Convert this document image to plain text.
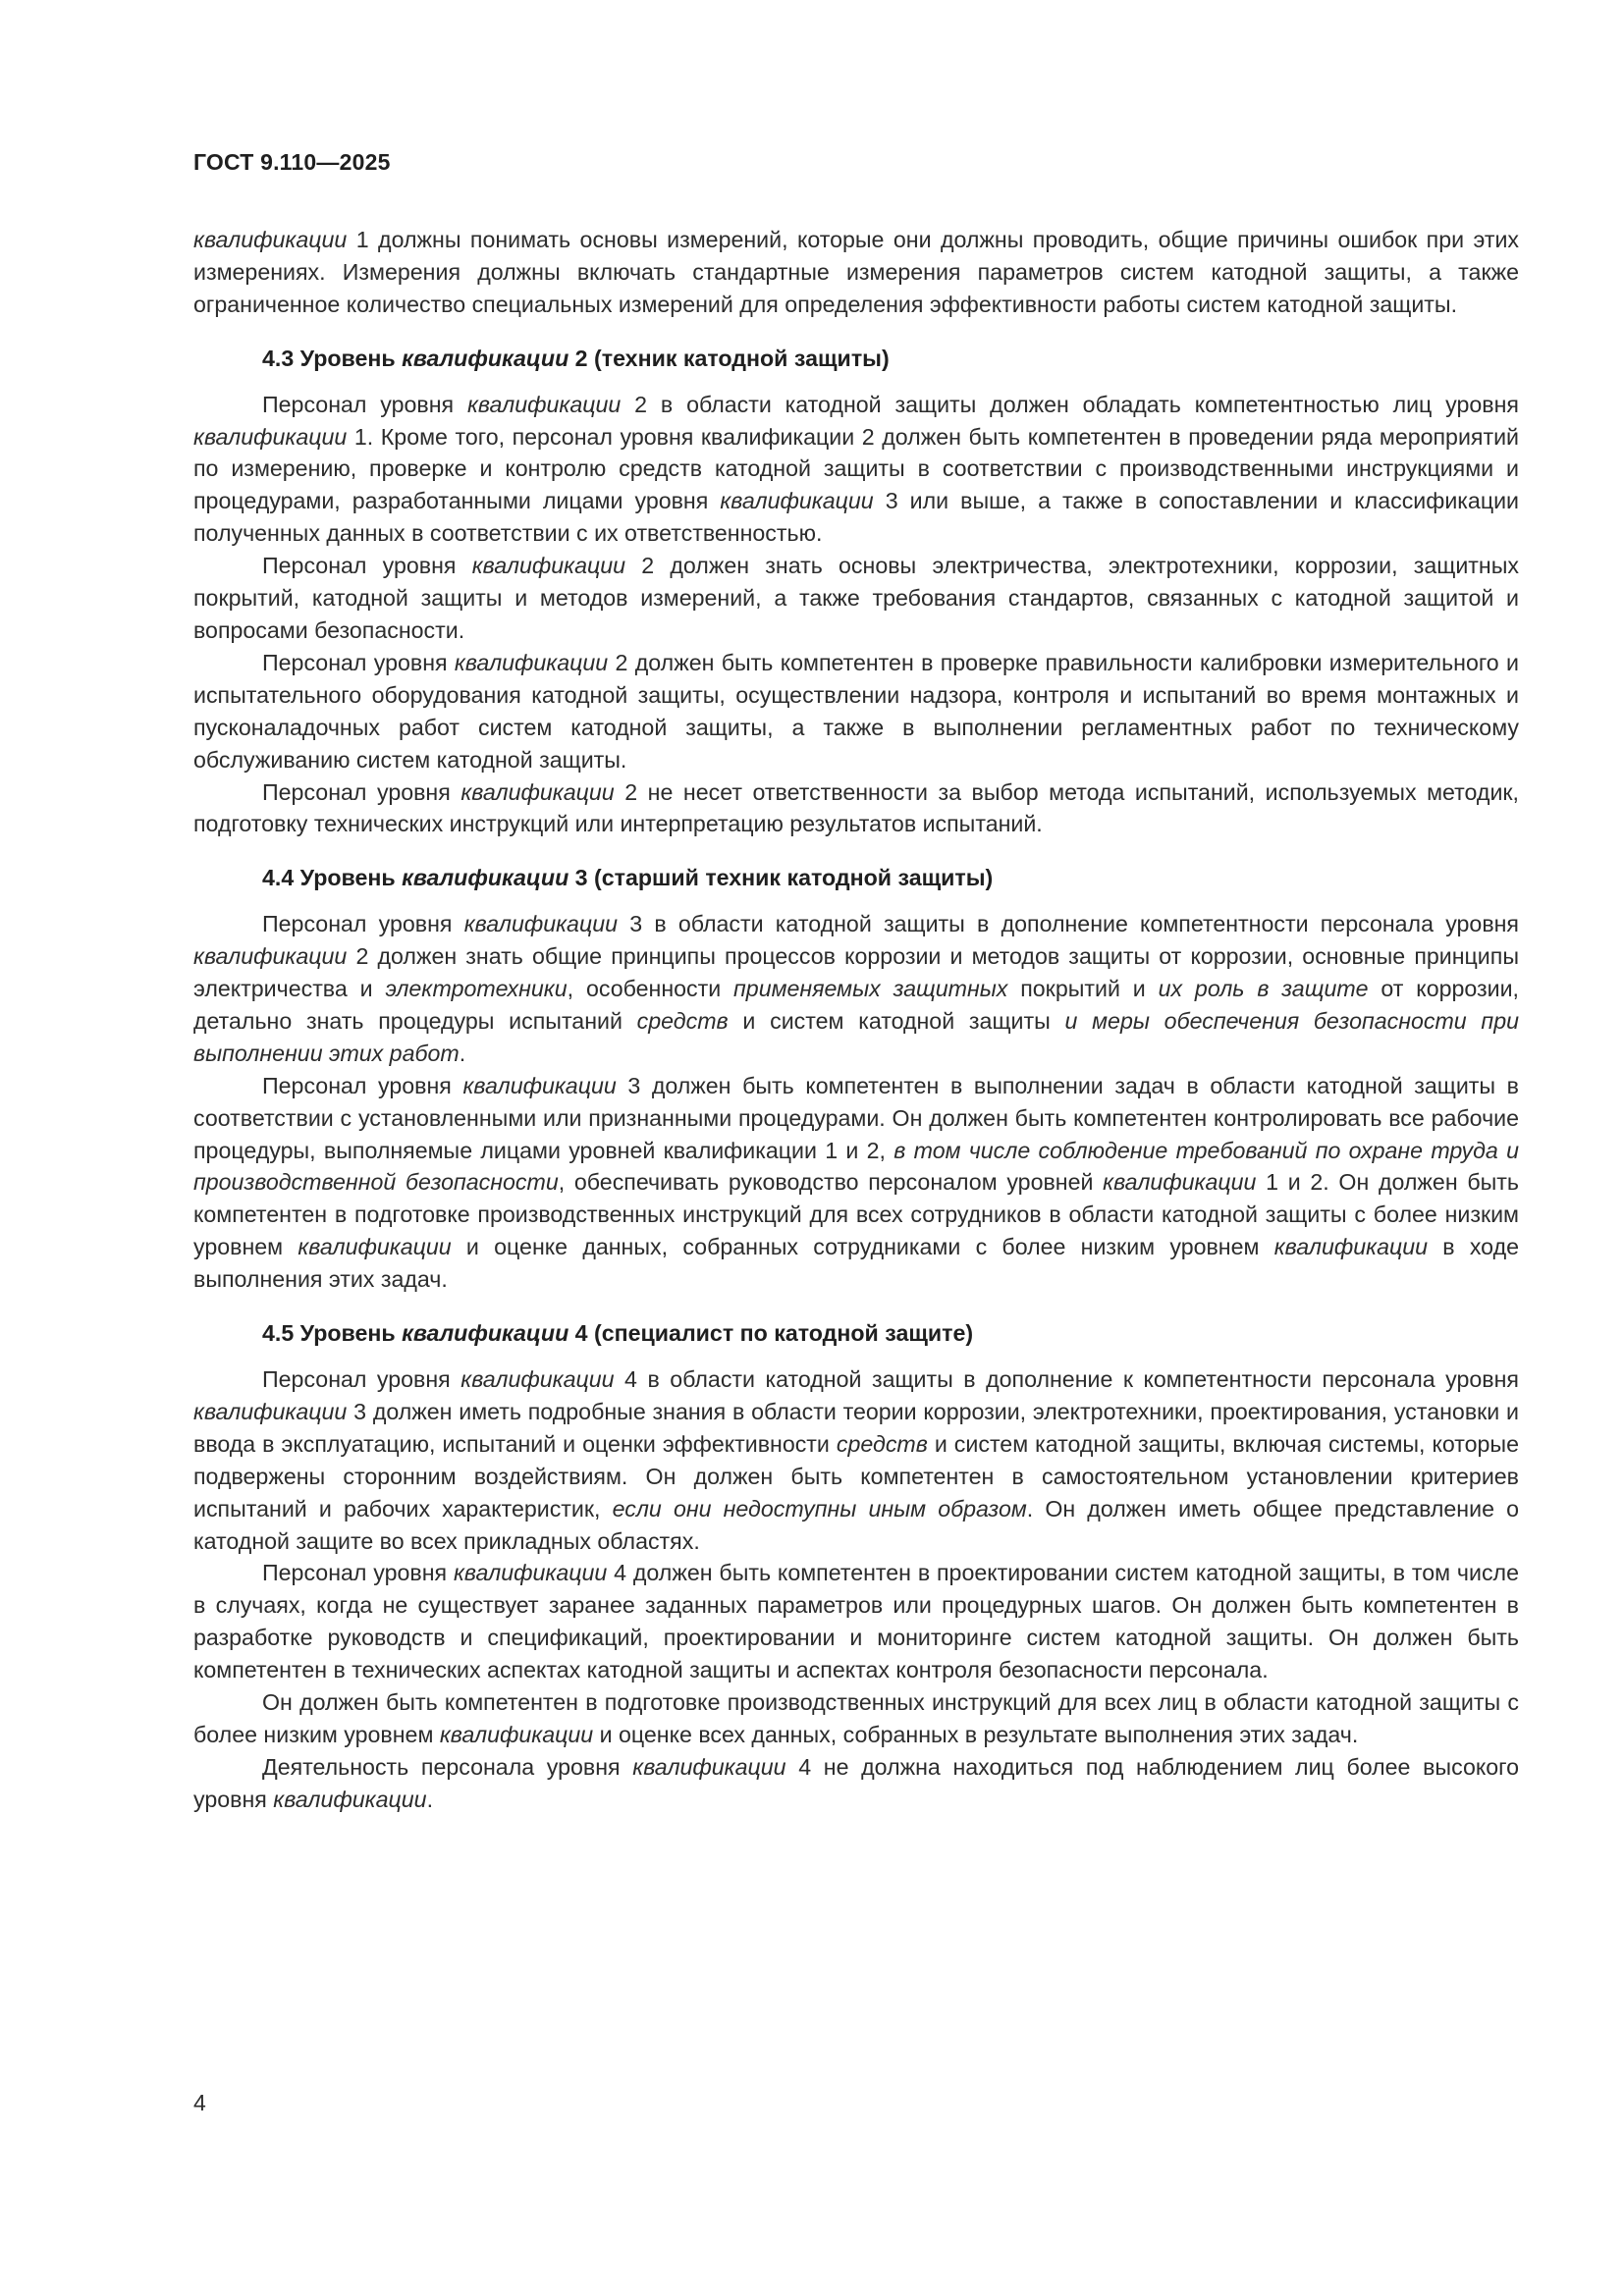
ГОСТ 9.110—2025

квалификации 1 должны понимать основы измерений, которые они должны проводить, общие причины ошибок при этих измерениях. Измерения должны включать стандартные измерения параметров систем катодной защиты, а также ограниченное количество специальных измерений для определения эффективности работы систем катодной защиты.

4.3 Уровень квалификации 2 (техник катодной защиты)

Персонал уровня квалификации 2 в области катодной защиты должен обладать компетентностью лиц уровня квалификации 1. Кроме того, персонал уровня квалификации 2 должен быть компетентен в проведении ряда мероприятий по измерению, проверке и контролю средств катодной защиты в соответствии с производственными инструкциями и процедурами, разработанными лицами уровня квалификации 3 или выше, а также в сопоставлении и классификации полученных данных в соответствии с их ответственностью.

Персонал уровня квалификации 2 должен знать основы электричества, электротехники, коррозии, защитных покрытий, катодной защиты и методов измерений, а также требования стандартов, связанных с катодной защитой и вопросами безопасности.

Персонал уровня квалификации 2 должен быть компетентен в проверке правильности калибровки измерительного и испытательного оборудования катодной защиты, осуществлении надзора, контроля и испытаний во время монтажных и пусконаладочных работ систем катодной защиты, а также в выполнении регламентных работ по техническому обслуживанию систем катодной защиты.

Персонал уровня квалификации 2 не несет ответственности за выбор метода испытаний, используемых методик, подготовку технических инструкций или интерпретацию результатов испытаний.

4.4 Уровень квалификации 3 (старший техник катодной защиты)

Персонал уровня квалификации 3 в области катодной защиты в дополнение компетентности персонала уровня квалификации 2 должен знать общие принципы процессов коррозии и методов защиты от коррозии, основные принципы электричества и электротехники, особенности применяемых защитных покрытий и их роль в защите от коррозии, детально знать процедуры испытаний средств и систем катодной защиты и меры обеспечения безопасности при выполнении этих работ.

Персонал уровня квалификации 3 должен быть компетентен в выполнении задач в области катодной защиты в соответствии с установленными или признанными процедурами. Он должен быть компетентен контролировать все рабочие процедуры, выполняемые лицами уровней квалификации 1 и 2, в том числе соблюдение требований по охране труда и производственной безопасности, обеспечивать руководство персоналом уровней квалификации 1 и 2. Он должен быть компетентен в подготовке производственных инструкций для всех сотрудников в области катодной защиты с более низким уровнем квалификации и оценке данных, собранных сотрудниками с более низким уровнем квалификации в ходе выполнения этих задач.

4.5 Уровень квалификации 4 (специалист по катодной защите)

Персонал уровня квалификации 4 в области катодной защиты в дополнение к компетентности персонала уровня квалификации 3 должен иметь подробные знания в области теории коррозии, электротехники, проектирования, установки и ввода в эксплуатацию, испытаний и оценки эффективности средств и систем катодной защиты, включая системы, которые подвержены сторонним воздействиям. Он должен быть компетентен в самостоятельном установлении критериев испытаний и рабочих характеристик, если они недоступны иным образом. Он должен иметь общее представление о катодной защите во всех прикладных областях.

Персонал уровня квалификации 4 должен быть компетентен в проектировании систем катодной защиты, в том числе в случаях, когда не существует заранее заданных параметров или процедурных шагов. Он должен быть компетентен в разработке руководств и спецификаций, проектировании и мониторинге систем катодной защиты. Он должен быть компетентен в технических аспектах катодной защиты и аспектах контроля безопасности персонала.

Он должен быть компетентен в подготовке производственных инструкций для всех лиц в области катодной защиты с более низким уровнем квалификации и оценке всех данных, собранных в результате выполнения этих задач.

Деятельность персонала уровня квалификации 4 не должна находиться под наблюдением лиц более высокого уровня квалификации.

4
